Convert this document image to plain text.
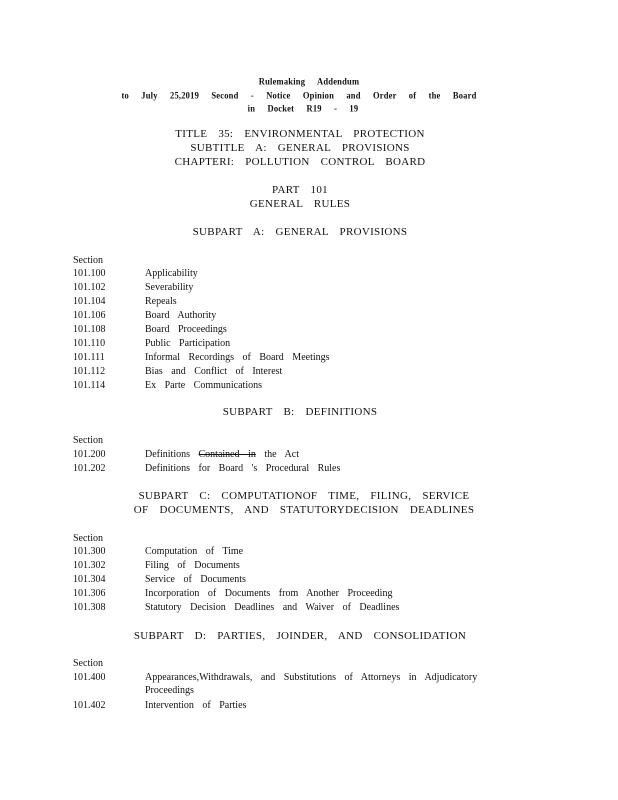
Rulemaking Addendum
to July 25,2019 Second - Notice Opinion and Order of the Board
in Docket R19 - 19
TITLE 35: ENVIRONMENTAL PROTECTION
SUBTITLE A: GENERAL PROVISIONS
CHAPTERI: POLLUTION CONTROL BOARD
PART 101
GENERAL RULES
SUBPART A: GENERAL PROVISIONS
Section
101.100	Applicability
101.102	Severability
101.104	Repeals
101.106	Board Authority
101.108	Board Proceedings
101.110	Public Participation
101.111	Informal Recordings of Board Meetings
101.112	Bias and Conflict of Interest
101.114	Ex Parte Communications
SUBPART B: DEFINITIONS
Section
101.200	Definitions Contained in the Act
101.202	Definitions for Board 's Procedural Rules
SUBPART C: COMPUTATIONOF TIME, FILING, SERVICE
OF DOCUMENTS, AND STATUTORYDECISION DEADLINES
Section
101.300	Computation of Time
101.302	Filing of Documents
101.304	Service of Documents
101.306	Incorporation of Documents from Another Proceeding
101.308	Statutory Decision Deadlines and Waiver of Deadlines
SUBPART D: PARTIES, JOINDER, AND CONSOLIDATION
Section
101.400	Appearances,Withdrawals, and Substitutions of Attorneys in Adjudicatory
Proceedings
101.402	Intervention of Parties
